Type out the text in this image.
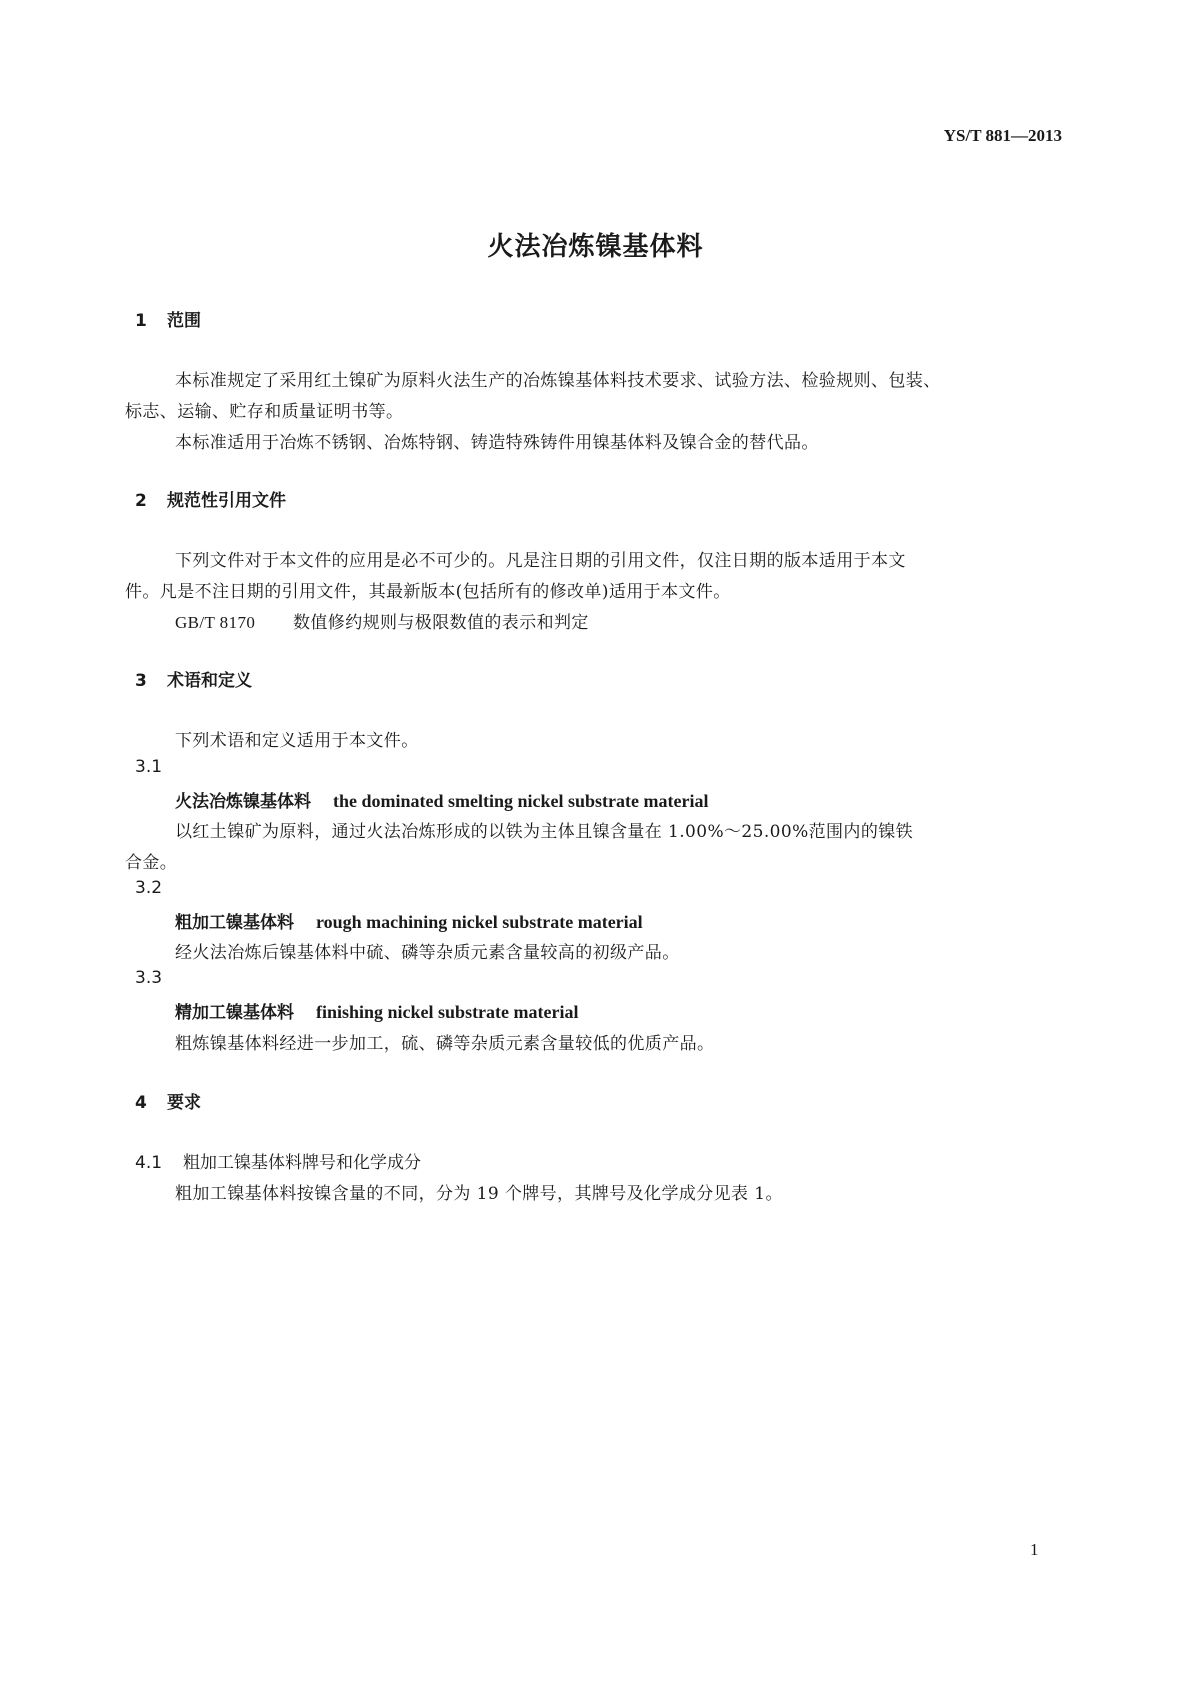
YS/T 881—2013
火法冶炼镍基体料
1 范围
本标准规定了采用红土镍矿为原料火法生产的冶炼镍基体料技术要求、试验方法、检验规则、包装、
标志、运输、贮存和质量证明书等。
本标准适用于冶炼不锈钢、冶炼特钢、铸造特殊铸件用镍基体料及镍合金的替代品。
2 规范性引用文件
下列文件对于本文件的应用是必不可少的。凡是注日期的引用文件，仅注日期的版本适用于本文
件。凡是不注日期的引用文件，其最新版本(包括所有的修改单)适用于本文件。
GB/T 8170 数值修约规则与极限数值的表示和判定
3 术语和定义
下列术语和定义适用于本文件。
3.1
火法冶炼镍基体料 the dominated smelting nickel substrate material
以红土镍矿为原料，通过火法冶炼形成的以铁为主体且镍含量在 1.00%～25.00%范围内的镍铁
合金。
3.2
粗加工镍基体料 rough machining nickel substrate material
经火法冶炼后镍基体料中硫、磷等杂质元素含量较高的初级产品。
3.3
精加工镍基体料 finishing nickel substrate material
粗炼镍基体料经进一步加工，硫、磷等杂质元素含量较低的优质产品。
4 要求
4.1 粗加工镍基体料牌号和化学成分
粗加工镍基体料按镍含量的不同，分为 19 个牌号，其牌号及化学成分见表 1。
1
